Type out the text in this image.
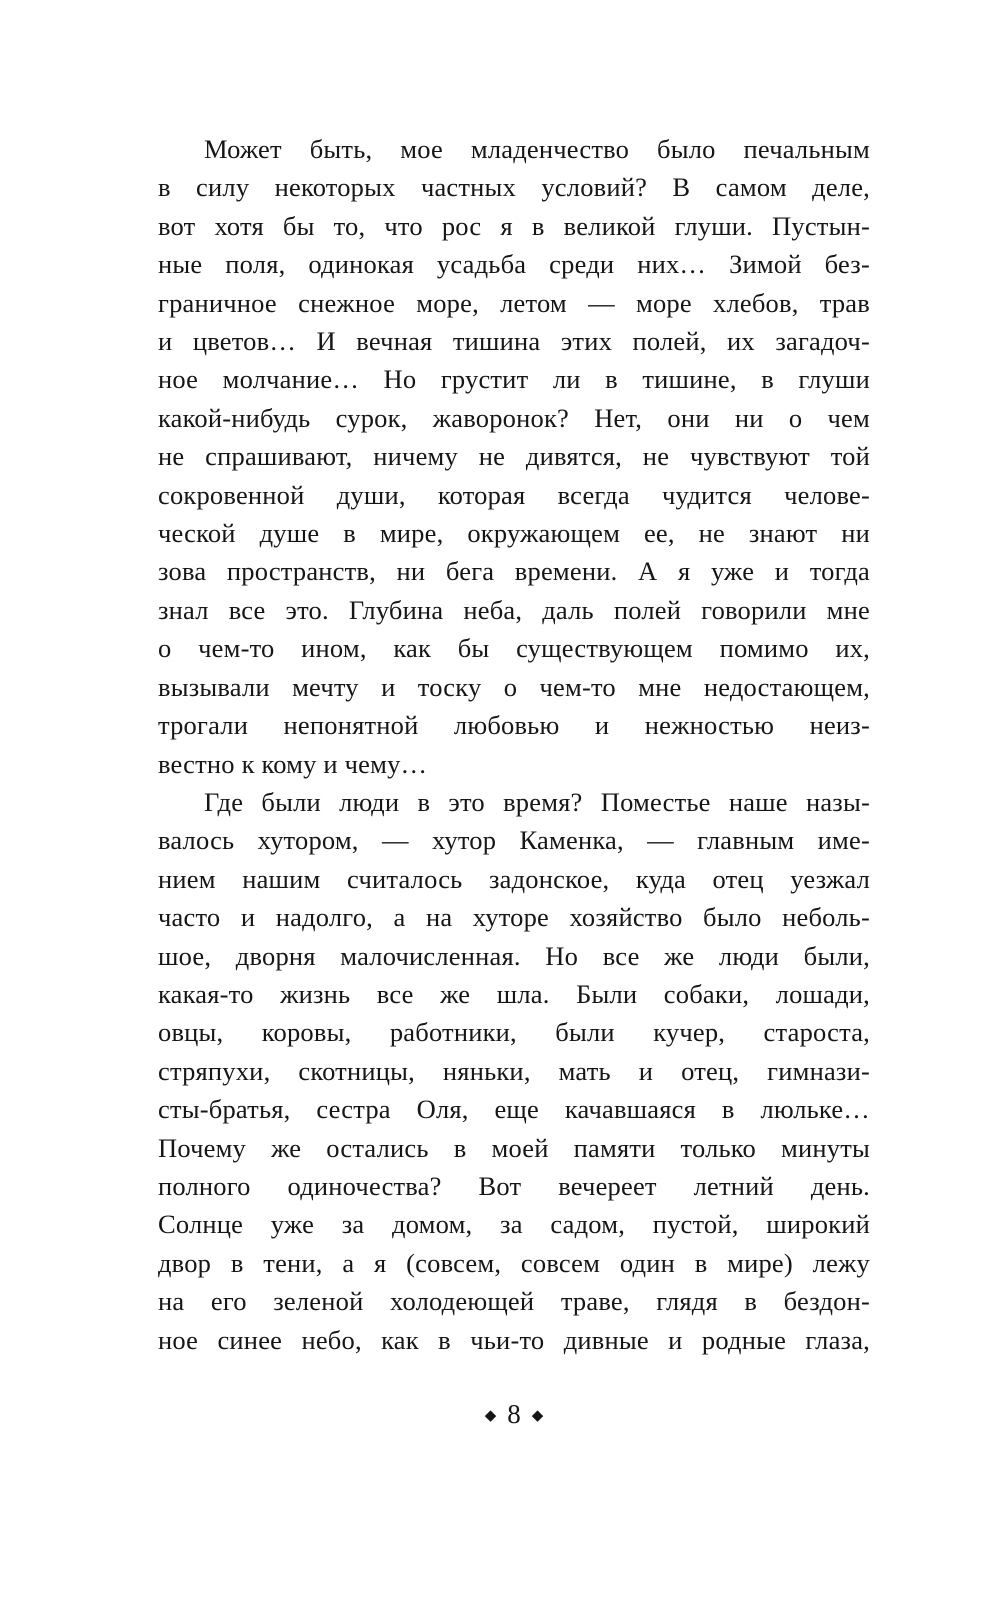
Может быть, мое младенчество было печальным
в силу некоторых частных условий? В самом деле,
вот хотя бы то, что рос я в великой глуши. Пустын-
ные поля, одинокая усадьба среди них… Зимой без-
граничное снежное море, летом — море хлебов, трав
и цветов… И вечная тишина этих полей, их загадоч-
ное молчание… Но грустит ли в тишине, в глуши
какой-нибудь сурок, жаворонок? Нет, они ни о чем
не спрашивают, ничему не дивятся, не чувствуют той
сокровенной души, которая всегда чудится челове-
ческой душе в мире, окружающем ее, не знают ни
зова пространств, ни бега времени. А я уже и тогда
знал все это. Глубина неба, даль полей говорили мне
о чем-то ином, как бы существующем помимо их,
вызывали мечту и тоску о чем-то мне недостающем,
трогали непонятной любовью и нежностью неиз-
вестно к кому и чему…
Где были люди в это время? Поместье наше назы-
валось хутором, — хутор Каменка, — главным име-
нием нашим считалось задонское, куда отец уезжал
часто и надолго, а на хуторе хозяйство было неболь-
шое, дворня малочисленная. Но все же люди были,
какая-то жизнь все же шла. Были собаки, лошади,
овцы, коровы, работники, были кучер, староста,
стряпухи, скотницы, няньки, мать и отец, гимнази-
сты-братья, сестра Оля, еще качавшаяся в люльке…
Почему же остались в моей памяти только минуты
полного одиночества? Вот вечереет летний день.
Солнце уже за домом, за садом, пустой, широкий
двор в тени, а я (совсем, совсем один в мире) лежу
на его зеленой холодеющей траве, глядя в бездон-
ное синее небо, как в чьи-то дивные и родные глаза,
◆ 8 ◆
